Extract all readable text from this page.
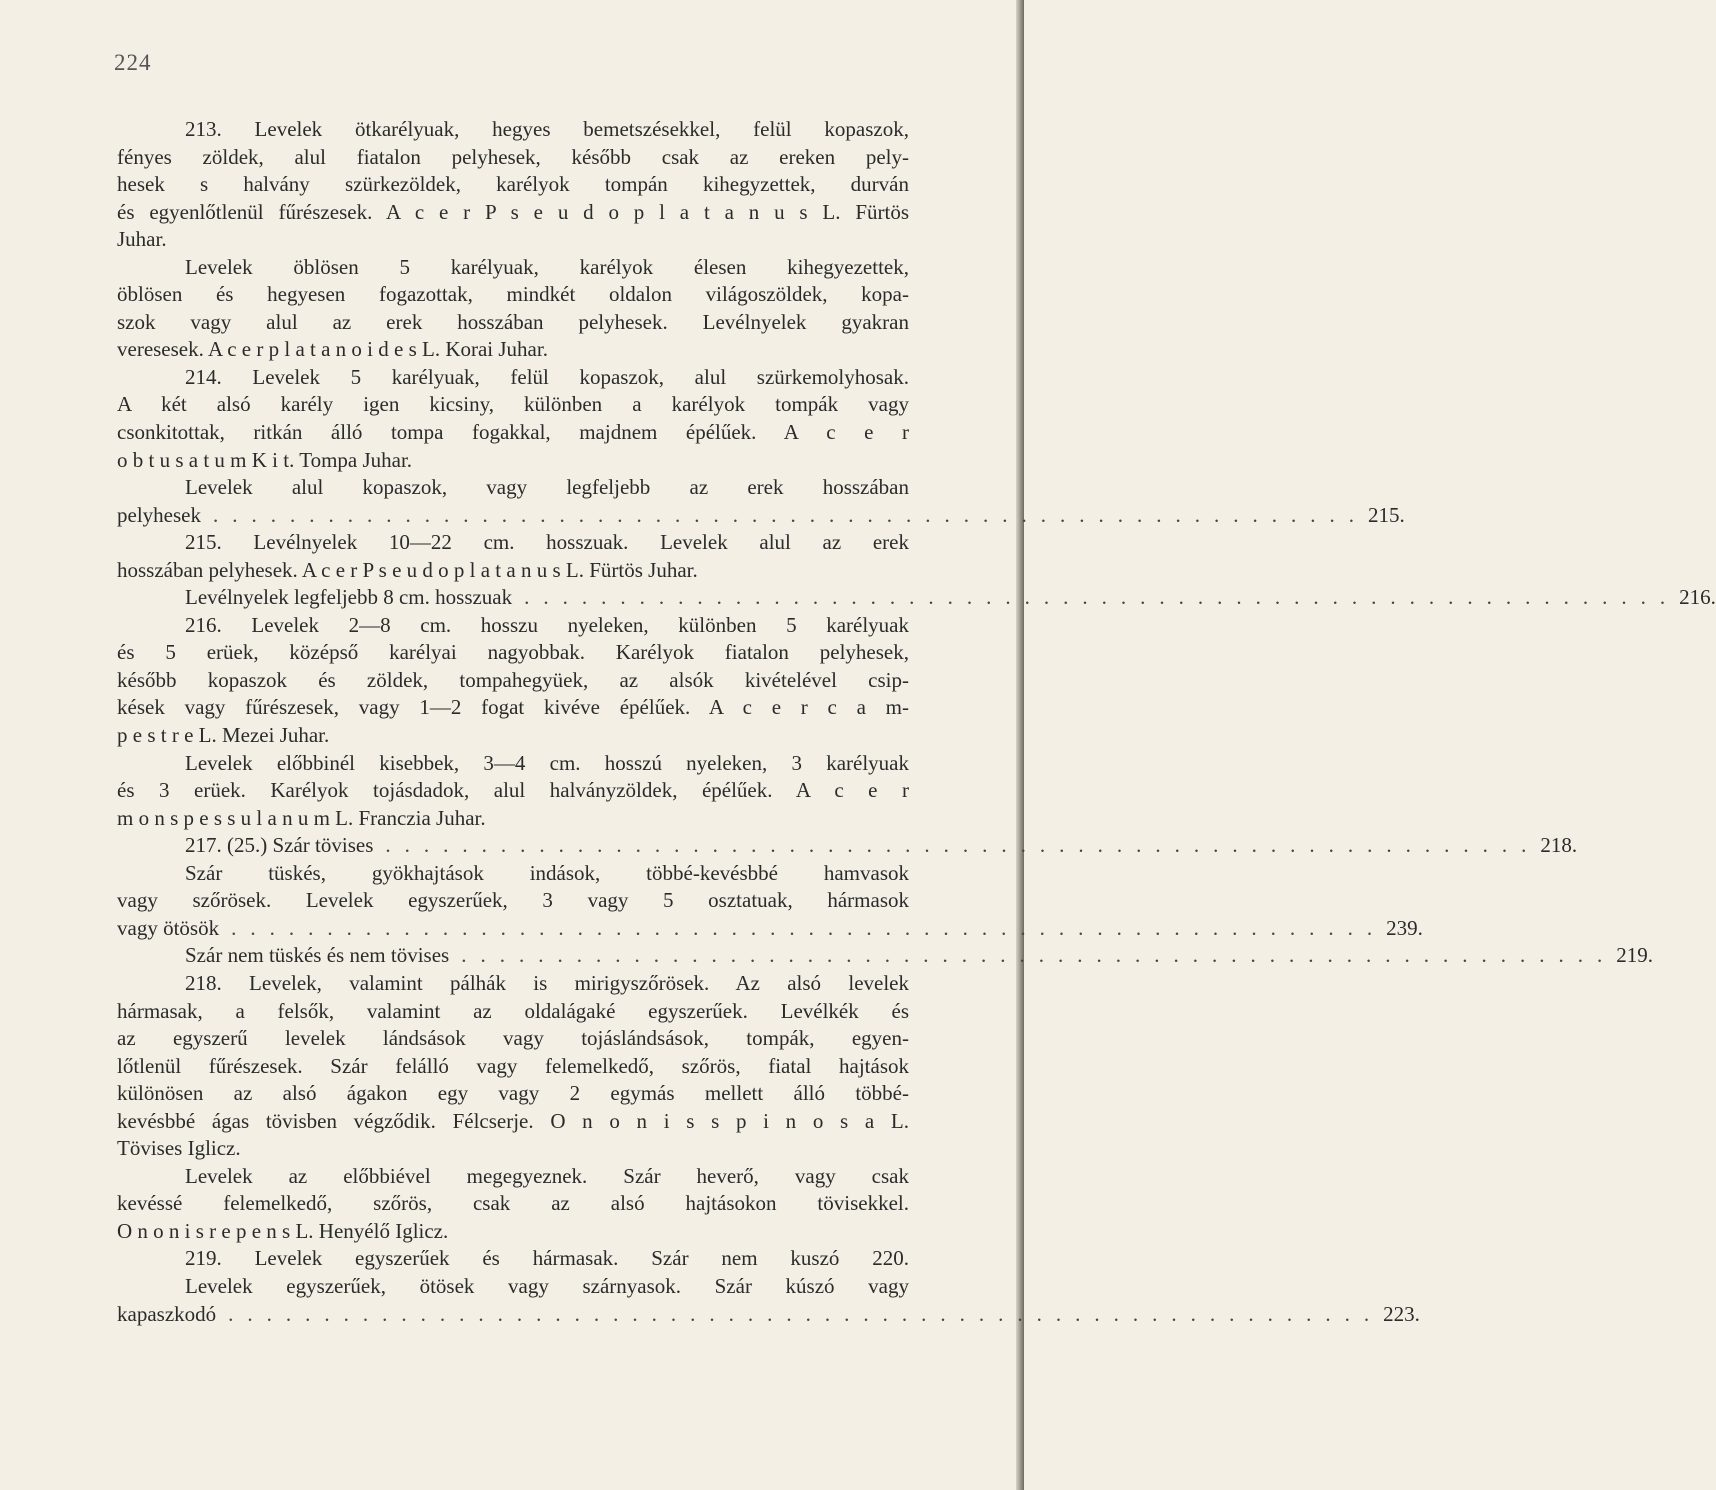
224
213. Levelek ötkarélyuak, hegyes bemetszésekkel, felül kopaszok,
fényes zöldek, alul fiatalon pelyhesek, később csak az ereken pely-
hesek s halvány szürkezöldek, karélyok tompán kihegyzettek, durván
és egyenlőtlenül fűrészesek. A c e r P s e u d o p l a t a n u s L. Fürtös
Juhar.
Levelek öblösen 5 karélyuak, karélyok élesen kihegyezettek,
öblösen és hegyesen fogazottak, mindkét oldalon világoszöldek, kopa-
szok vagy alul az erek hosszában pelyhesek. Levélnyelek gyakran
veresesek. A c e r p l a t a n o i d e s L. Korai Juhar.
214. Levelek 5 karélyuak, felül kopaszok, alul szürkemolyhosak.
A két alsó karély igen kicsiny, különben a karélyok tompák vagy
csonkitottak, ritkán álló tompa fogakkal, majdnem épélűek. A c e r
o b t u s a t u m K i t. Tompa Juhar.
Levelek alul kopaszok, vagy legfeljebb az erek hosszában
pelyhesek ............................................................ 215.
215. Levélnyelek 10—22 cm. hosszuak. Levelek alul az erek
hosszában pelyhesek. A c e r P s e u d o p l a t a n u s L. Fürtös Juhar.
Levélnyelek legfeljebb 8 cm. hosszuak ............................................................ 216.
216. Levelek 2—8 cm. hosszu nyeleken, különben 5 karélyuak
és 5 erüek, középső karélyai nagyobbak. Karélyok fiatalon pelyhesek,
később kopaszok és zöldek, tompahegyüek, az alsók kivételével csip-
kések vagy fűrészesek, vagy 1—2 fogat kivéve épélűek. A c e r c a m-
p e s t r e L. Mezei Juhar.
Levelek előbbinél kisebbek, 3—4 cm. hosszú nyeleken, 3 karélyuak
és 3 erüek. Karélyok tojásdadok, alul halványzöldek, épélűek. A c e r
m o n s p e s s u l a n u m L. Franczia Juhar.
217. (25.) Szár tövises ............................................................ 218.
Szár tüskés, gyökhajtások indások, többé-kevésbbé hamvasok
vagy szőrösek. Levelek egyszerűek, 3 vagy 5 osztatuak, hármasok
vagy ötösök ............................................................ 239.
Szár nem tüskés és nem tövises ............................................................ 219.
218. Levelek, valamint pálhák is mirigyszőrösek. Az alsó levelek
hármasak, a felsők, valamint az oldalágaké egyszerűek. Levélkék és
az egyszerű levelek lándsások vagy tojáslándsások, tompák, egyen-
lőtlenül fűrészesek. Szár felálló vagy felemelkedő, szőrös, fiatal hajtások
különösen az alsó ágakon egy vagy 2 egymás mellett álló többé-
kevésbbé ágas tövisben végződik. Félcserje. O n o n i s s p i n o s a L.
Tövises Iglicz.
Levelek az előbbiével megegyeznek. Szár heverő, vagy csak
kevéssé felemelkedő, szőrös, csak az alsó hajtásokon tövisekkel.
O n o n i s r e p e n s L. Henyélő Iglicz.
219. Levelek egyszerűek és hármasak. Szár nem kuszó 220.
Levelek egyszerűek, ötösek vagy szárnyasok. Szár kúszó vagy
kapaszkodó ............................................................ 223.
